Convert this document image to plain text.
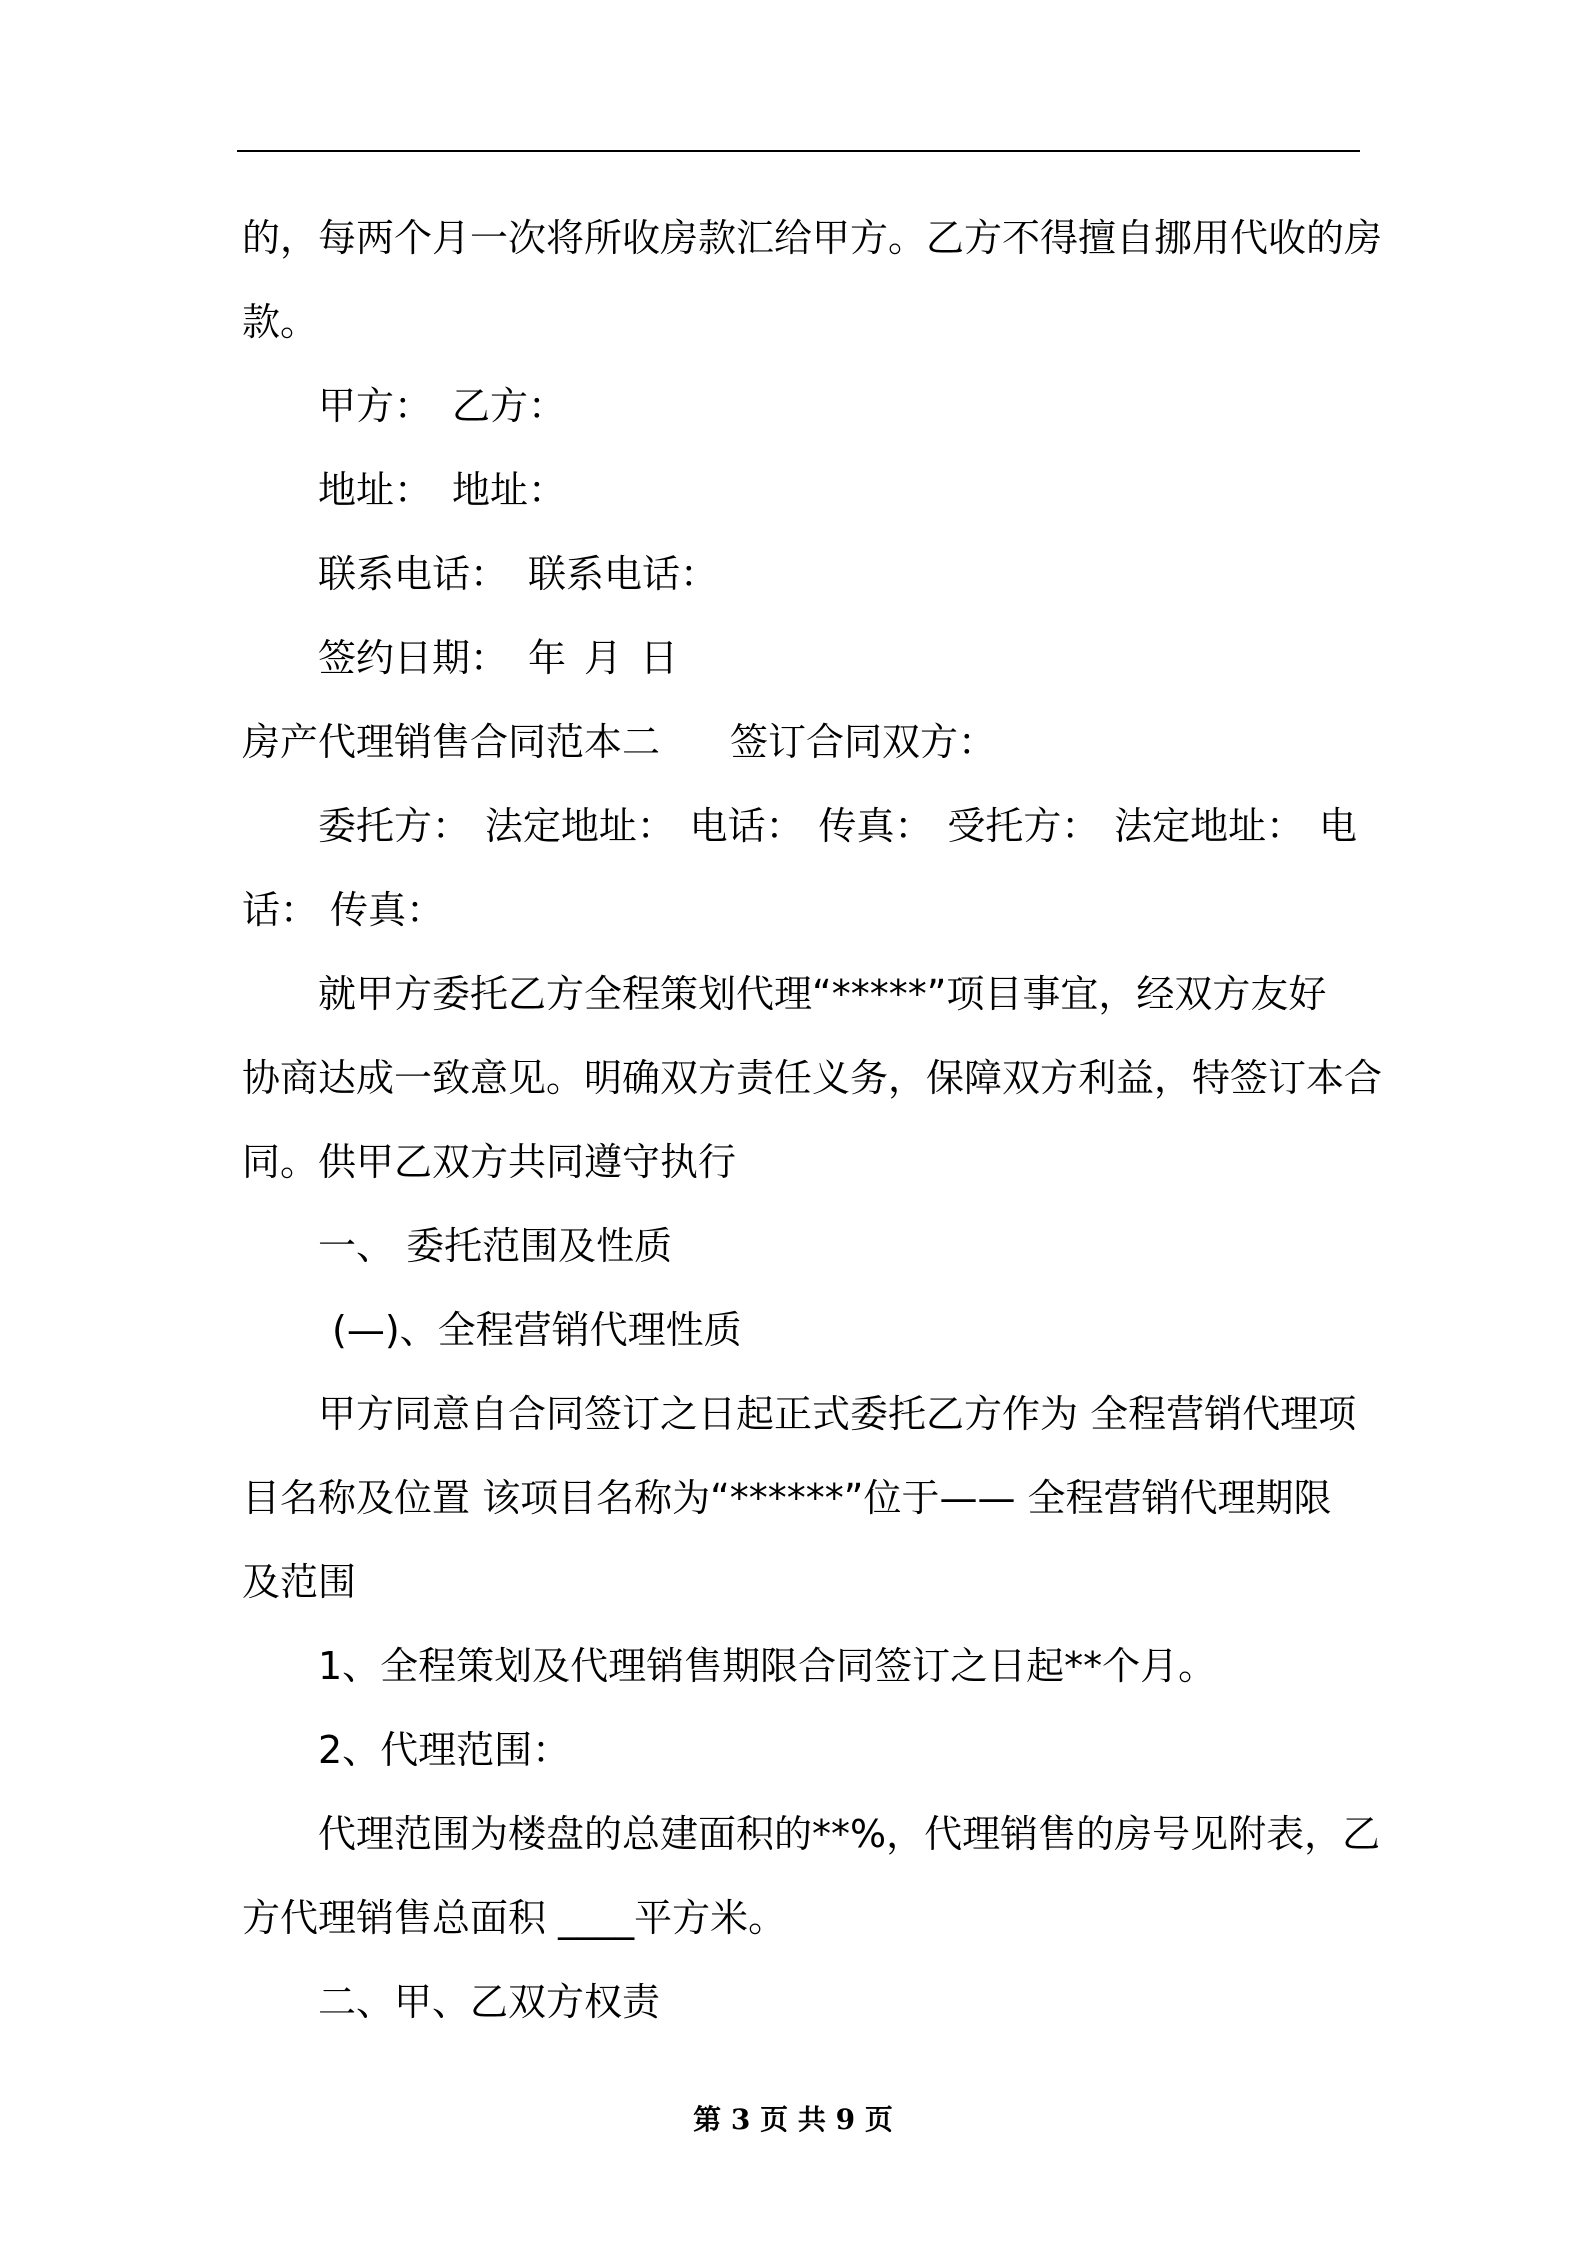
的，每两个月一次将所收房款汇给甲方。乙方不得擅自挪用代收的房

款。

甲方： 乙方：

地址： 地址：

联系电话： 联系电话：

签约日期： 年 月 日

房产代理销售合同范本二 签订合同双方：

委托方： 法定地址： 电话： 传真： 受托方： 法定地址： 电

话： 传真：

就甲方委托乙方全程策划代理“*****”项目事宜，经双方友好

协商达成一致意见。明确双方责任义务，保障双方利益，特签订本合

同。供甲乙双方共同遵守执行

一、 委托范围及性质

(—)、全程营销代理性质

甲方同意自合同签订之日起正式委托乙方作为 全程营销代理项

目名称及位置 该项目名称为“******”位于—— 全程营销代理期限

及范围

1、全程策划及代理销售期限合同签订之日起**个月。

2、代理范围：

代理范围为楼盘的总建面积的**%，代理销售的房号见附表，乙

方代理销售总面积 ____平方米。

二、甲、乙双方权责

第 3 页 共 9 页
